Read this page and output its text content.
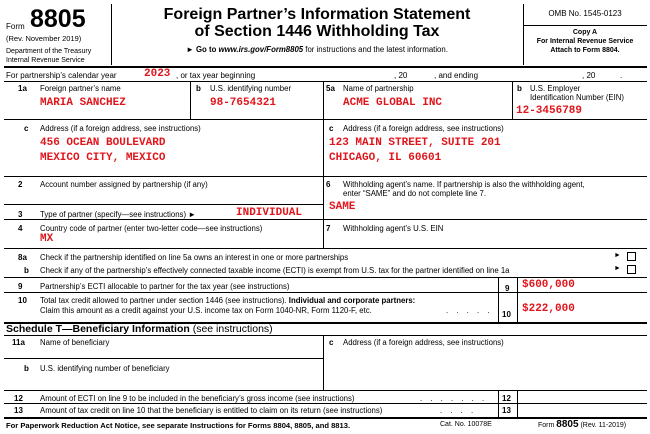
Form 8805
(Rev. November 2019)
Department of the Treasury
Internal Revenue Service
Foreign Partner’s Information Statement
of Section 1446 Withholding Tax
► Go to www.irs.gov/Form8805 for instructions and the latest information.
OMB No. 1545-0123
Copy A
For Internal Revenue Service
Attach to Form 8804.
For partnership’s calendar year 2023 , or tax year beginning	, 20	, and ending	, 20	.
1a Foreign partner’s name
MARIA SANCHEZ
b U.S. identifying number
98-7654321
5a Name of partnership
ACME GLOBAL INC
b U.S. Employer
Identification Number (EIN)
12-3456789
c Address (if a foreign address, see instructions)
456 OCEAN BOULEVARD
MEXICO CITY, MEXICO
c Address (if a foreign address, see instructions)
123 MAIN STREET, SUITE 201
CHICAGO, IL 60601
2 Account number assigned by partnership (if any)	6 Withholding agent’s name. If partnership is also the withholding agent,
enter “SAME” and do not complete line 7.
SAME
3 Type of partner (specify—see instructions) ►	INDIVIDUAL
4 Country code of partner (enter two-letter code—see instructions)
MX
7 Withholding agent’s U.S. EIN
8a Check if the partnership identified on line 5a owns an interest in one or more partnerships	►
b Check if any of the partnership’s effectively connected taxable income (ECTI) is exempt from U.S. tax for the partner identified on line 1a	►
9 Partnership’s ECTI allocable to partner for the tax year (see instructions)	9 $600,000
10 Total tax credit allowed to partner under section 1446 (see instructions). Individual and corporate partners:
Claim this amount as a credit against your U.S. income tax on Form 1040-NR, Form 1120-F, etc.	. . . . . 10 $222,000
Schedule T—Beneficiary Information (see instructions)
11a Name of beneficiary	c Address (if a foreign address, see instructions)
b U.S. identifying number of beneficiary
12 Amount of ECTI on line 9 to be included in the beneficiary’s gross income (see instructions)	. . . . . . . 12
13 Amount of tax credit on line 10 that the beneficiary is entitled to claim on its return (see instructions)	. . . .	13
For Paperwork Reduction Act Notice, see separate Instructions for Forms 8804, 8805, and 8813.	Cat. No. 10078E	Form 8805 (Rev. 11-2019)
